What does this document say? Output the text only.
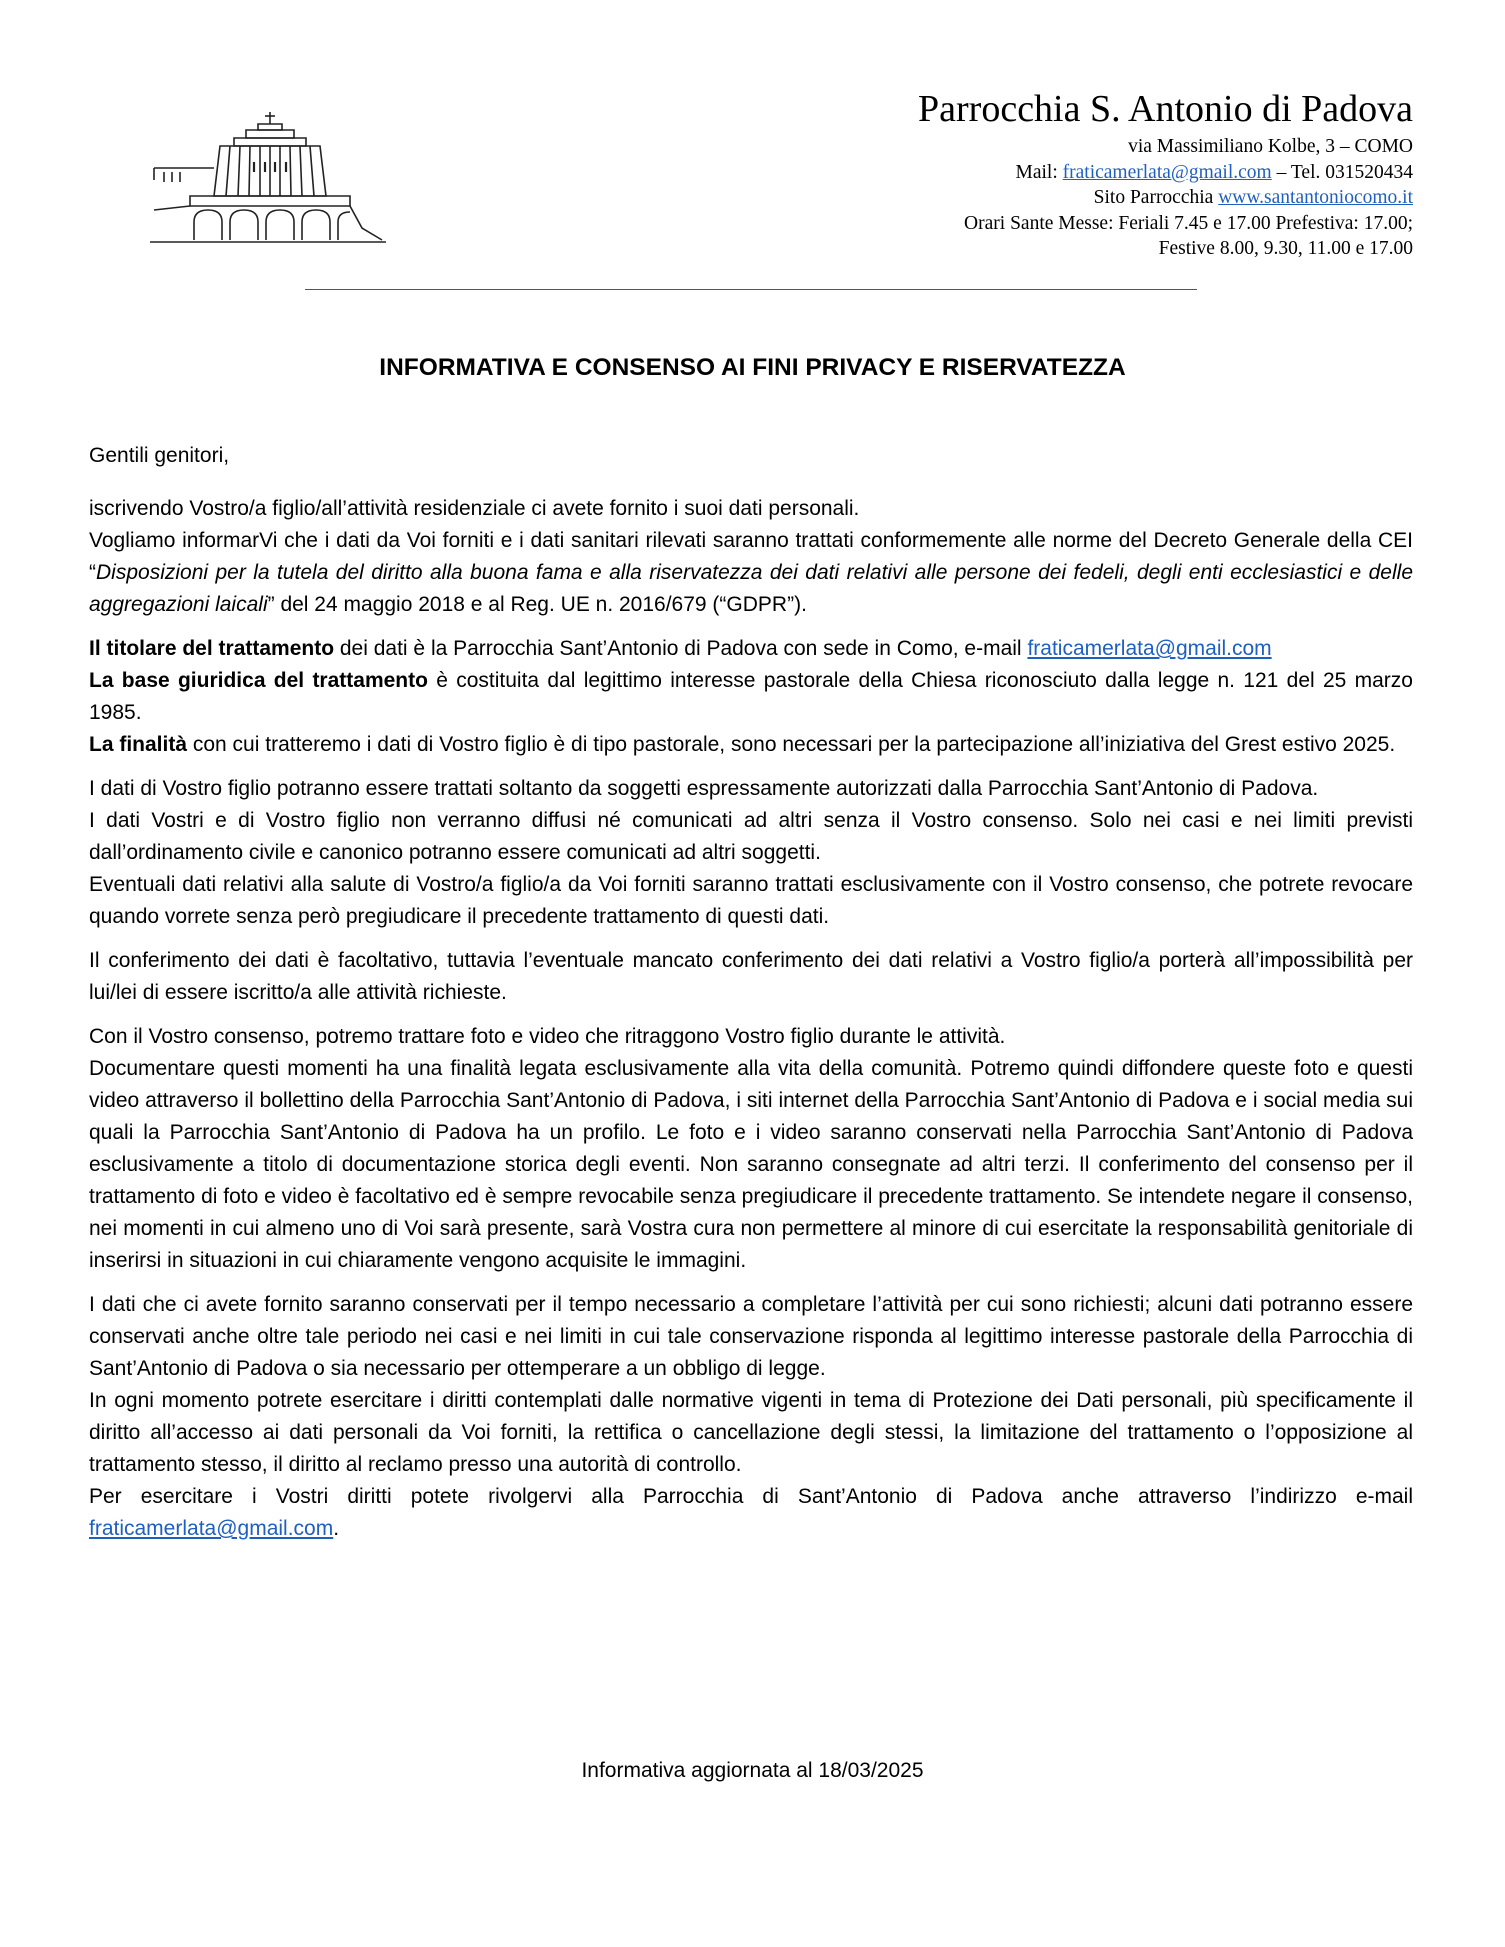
Parrocchia S. Antonio di Padova
via Massimiliano Kolbe, 3 – COMO
Mail: fraticamerlata@gmail.com – Tel. 031520434
Sito Parrocchia www.santantoniocomo.it
Orari Sante Messe: Feriali 7.45 e 17.00 Prefestiva: 17.00;
Festive 8.00, 9.30, 11.00 e 17.00
INFORMATIVA E CONSENSO AI FINI PRIVACY E RISERVATEZZA

Gentili genitori,

iscrivendo Vostro/a figlio/all’attività residenziale ci avete fornito i suoi dati personali.

Vogliamo informarVi che i dati da Voi forniti e i dati sanitari rilevati saranno trattati conformemente alle norme del Decreto Generale della CEI “Disposizioni per la tutela del diritto alla buona fama e alla riservatezza dei dati relativi alle persone dei fedeli, degli enti ecclesiastici e delle aggregazioni laicali” del 24 maggio 2018 e al Reg. UE n. 2016/679 (“GDPR”).

Il titolare del trattamento dei dati è la Parrocchia Sant’Antonio di Padova con sede in Como, e-mail fraticamerlata@gmail.com

La base giuridica del trattamento è costituita dal legittimo interesse pastorale della Chiesa riconosciuto dalla legge n. 121 del 25 marzo 1985.

La finalità con cui tratteremo i dati di Vostro figlio è di tipo pastorale, sono necessari per la partecipazione all’iniziativa del Grest estivo 2025.

I dati di Vostro figlio potranno essere trattati soltanto da soggetti espressamente autorizzati dalla Parrocchia Sant’Antonio di Padova.

I dati Vostri e di Vostro figlio non verranno diffusi né comunicati ad altri senza il Vostro consenso. Solo nei casi e nei limiti previsti dall’ordinamento civile e canonico potranno essere comunicati ad altri soggetti.

Eventuali dati relativi alla salute di Vostro/a figlio/a da Voi forniti saranno trattati esclusivamente con il Vostro consenso, che potrete revocare quando vorrete senza però pregiudicare il precedente trattamento di questi dati.

Il conferimento dei dati è facoltativo, tuttavia l’eventuale mancato conferimento dei dati relativi a Vostro figlio/a porterà all’impossibilità per lui/lei di essere iscritto/a alle attività richieste.

Con il Vostro consenso, potremo trattare foto e video che ritraggono Vostro figlio durante le attività.

Documentare questi momenti ha una finalità legata esclusivamente alla vita della comunità. Potremo quindi diffondere queste foto e questi video attraverso il bollettino della Parrocchia Sant’Antonio di Padova, i siti internet della Parrocchia Sant’Antonio di Padova e i social media sui quali la Parrocchia Sant’Antonio di Padova ha un profilo. Le foto e i video saranno conservati nella Parrocchia Sant’Antonio di Padova esclusivamente a titolo di documentazione storica degli eventi. Non saranno consegnate ad altri terzi. Il conferimento del consenso per il trattamento di foto e video è facoltativo ed è sempre revocabile senza pregiudicare il precedente trattamento. Se intendete negare il consenso, nei momenti in cui almeno uno di Voi sarà presente, sarà Vostra cura non permettere al minore di cui esercitate la responsabilità genitoriale di inserirsi in situazioni in cui chiaramente vengono acquisite le immagini.

I dati che ci avete fornito saranno conservati per il tempo necessario a completare l’attività per cui sono richiesti; alcuni dati potranno essere conservati anche oltre tale periodo nei casi e nei limiti in cui tale conservazione risponda al legittimo interesse pastorale della Parrocchia di Sant’Antonio di Padova o sia necessario per ottemperare a un obbligo di legge.

In ogni momento potrete esercitare i diritti contemplati dalle normative vigenti in tema di Protezione dei Dati personali, più specificamente il diritto all’accesso ai dati personali da Voi forniti, la rettifica o cancellazione degli stessi, la limitazione del trattamento o l’opposizione al trattamento stesso, il diritto al reclamo presso una autorità di controllo.

Per esercitare i Vostri diritti potete rivolgervi alla Parrocchia di Sant’Antonio di Padova anche attraverso l’indirizzo e-mail fraticamerlata@gmail.com.

Informativa aggiornata al 18/03/2025
